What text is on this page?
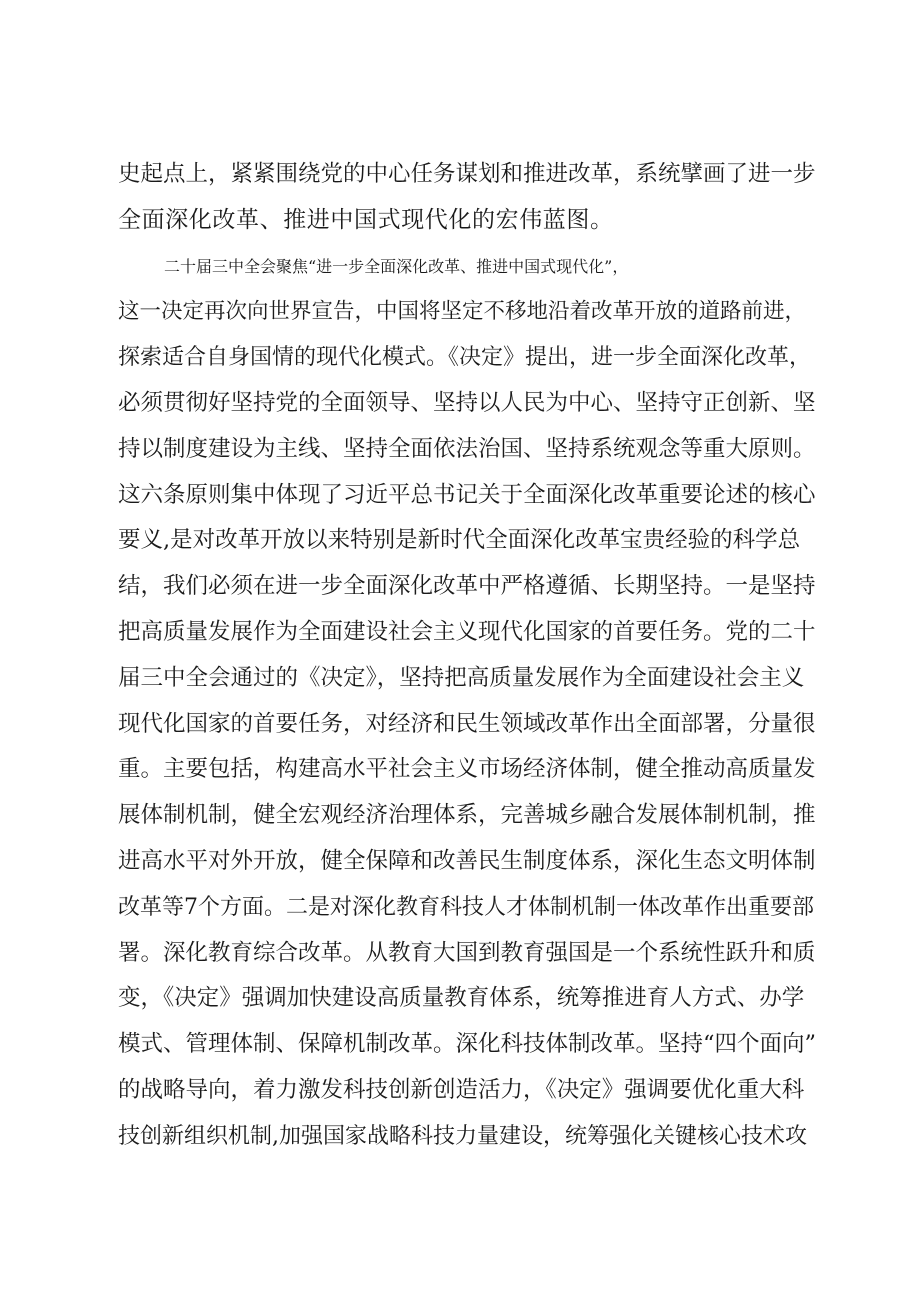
史起点上，紧紧围绕党的中心任务谋划和推进改革，系统擘画了进一步
全面深化改革、推进中国式现代化的宏伟蓝图。
二十届三中全会聚焦“进一步全面深化改革、推进中国式现代化”，
这一决定再次向世界宣告，中国将坚定不移地沿着改革开放的道路前进，
探索适合自身国情的现代化模式。《决定》提出，进一步全面深化改革，
必须贯彻好坚持党的全面领导、坚持以人民为中心、坚持守正创新、坚
持以制度建设为主线、坚持全面依法治国、坚持系统观念等重大原则。
这六条原则集中体现了习近平总书记关于全面深化改革重要论述的核心
要义,是对改革开放以来特别是新时代全面深化改革宝贵经验的科学总
结，我们必须在进一步全面深化改革中严格遵循、长期坚持。一是坚持
把高质量发展作为全面建设社会主义现代化国家的首要任务。党的二十
届三中全会通过的《决定》，坚持把高质量发展作为全面建设社会主义
现代化国家的首要任务，对经济和民生领域改革作出全面部署，分量很
重。主要包括，构建高水平社会主义市场经济体制，健全推动高质量发
展体制机制，健全宏观经济治理体系，完善城乡融合发展体制机制，推
进高水平对外开放，健全保障和改善民生制度体系，深化生态文明体制
改革等7个方面。二是对深化教育科技人才体制机制一体改革作出重要部
署。深化教育综合改革。从教育大国到教育强国是一个系统性跃升和质
变，《决定》强调加快建设高质量教育体系，统筹推进育人方式、办学
模式、管理体制、保障机制改革。深化科技体制改革。坚持“四个面向”
的战略导向，着力激发科技创新创造活力，《决定》强调要优化重大科
技创新组织机制,加强国家战略科技力量建设，统筹强化关键核心技术攻
